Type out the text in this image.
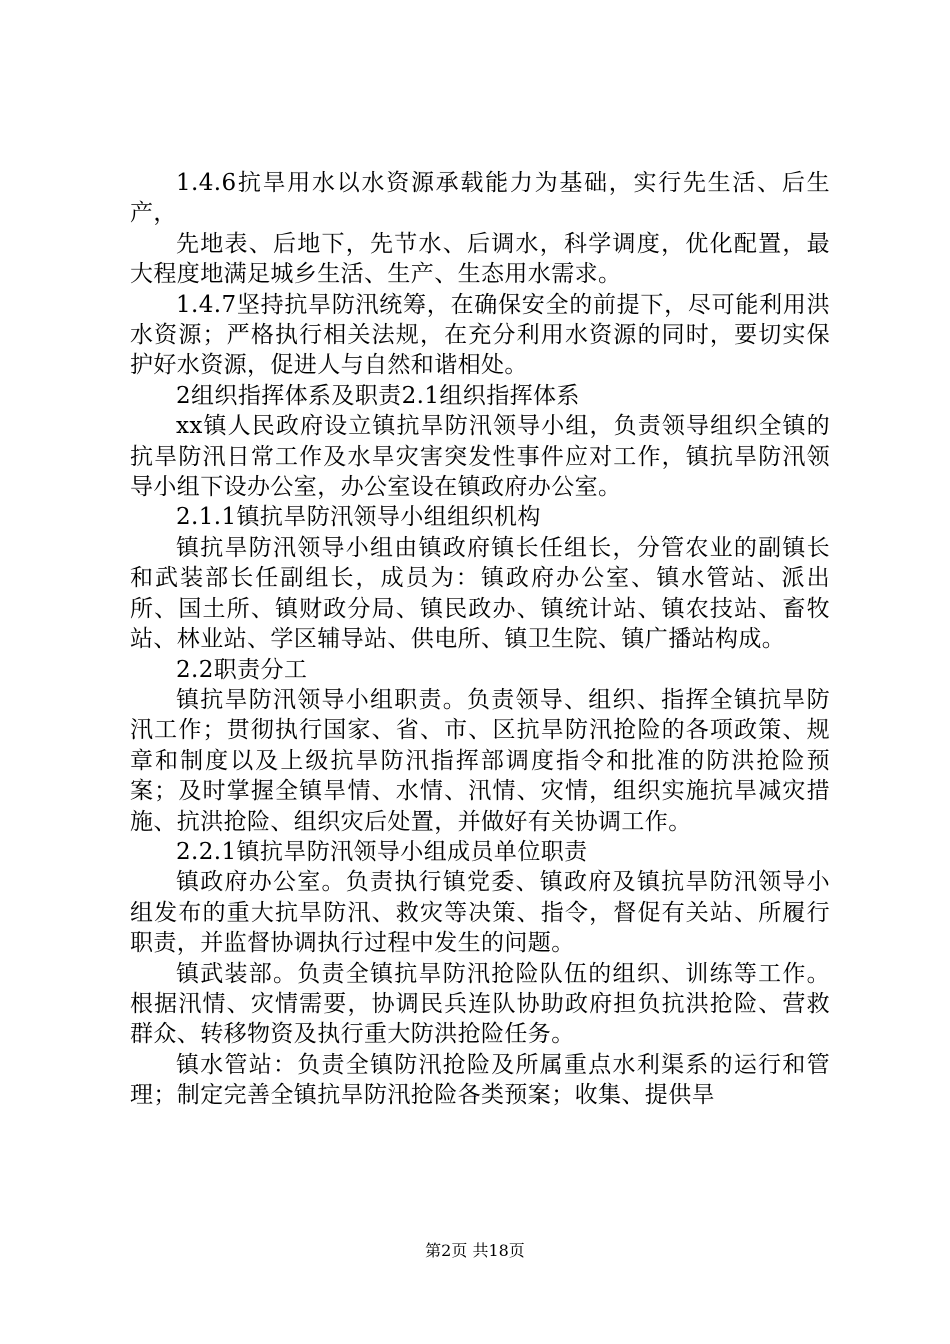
1.4.6抗旱用水以水资源承载能力为基础，实行先生活、后生产，

先地表、后地下，先节水、后调水，科学调度，优化配置，最大程度地满足城乡生活、生产、生态用水需求。

1.4.7坚持抗旱防汛统筹，在确保安全的前提下，尽可能利用洪水资源；严格执行相关法规，在充分利用水资源的同时，要切实保护好水资源，促进人与自然和谐相处。

2组织指挥体系及职责2.1组织指挥体系

xx镇人民政府设立镇抗旱防汛领导小组，负责领导组织全镇的抗旱防汛日常工作及水旱灾害突发性事件应对工作，镇抗旱防汛领导小组下设办公室，办公室设在镇政府办公室。

2.1.1镇抗旱防汛领导小组组织机构

镇抗旱防汛领导小组由镇政府镇长任组长，分管农业的副镇长和武装部长任副组长，成员为：镇政府办公室、镇水管站、派出所、国土所、镇财政分局、镇民政办、镇统计站、镇农技站、畜牧站、林业站、学区辅导站、供电所、镇卫生院、镇广播站构成。

2.2职责分工

镇抗旱防汛领导小组职责。负责领导、组织、指挥全镇抗旱防汛工作；贯彻执行国家、省、市、区抗旱防汛抢险的各项政策、规章和制度以及上级抗旱防汛指挥部调度指令和批准的防洪抢险预案；及时掌握全镇旱情、水情、汛情、灾情，组织实施抗旱减灾措施、抗洪抢险、组织灾后处置，并做好有关协调工作。

2.2.1镇抗旱防汛领导小组成员单位职责

镇政府办公室。负责执行镇党委、镇政府及镇抗旱防汛领导小组发布的重大抗旱防汛、救灾等决策、指令，督促有关站、所履行职责，并监督协调执行过程中发生的问题。

镇武装部。负责全镇抗旱防汛抢险队伍的组织、训练等工作。根据汛情、灾情需要，协调民兵连队协助政府担负抗洪抢险、营救群众、转移物资及执行重大防洪抢险任务。

镇水管站：负责全镇防汛抢险及所属重点水利渠系的运行和管理；制定完善全镇抗旱防汛抢险各类预案；收集、提供旱

第2页 共18页
